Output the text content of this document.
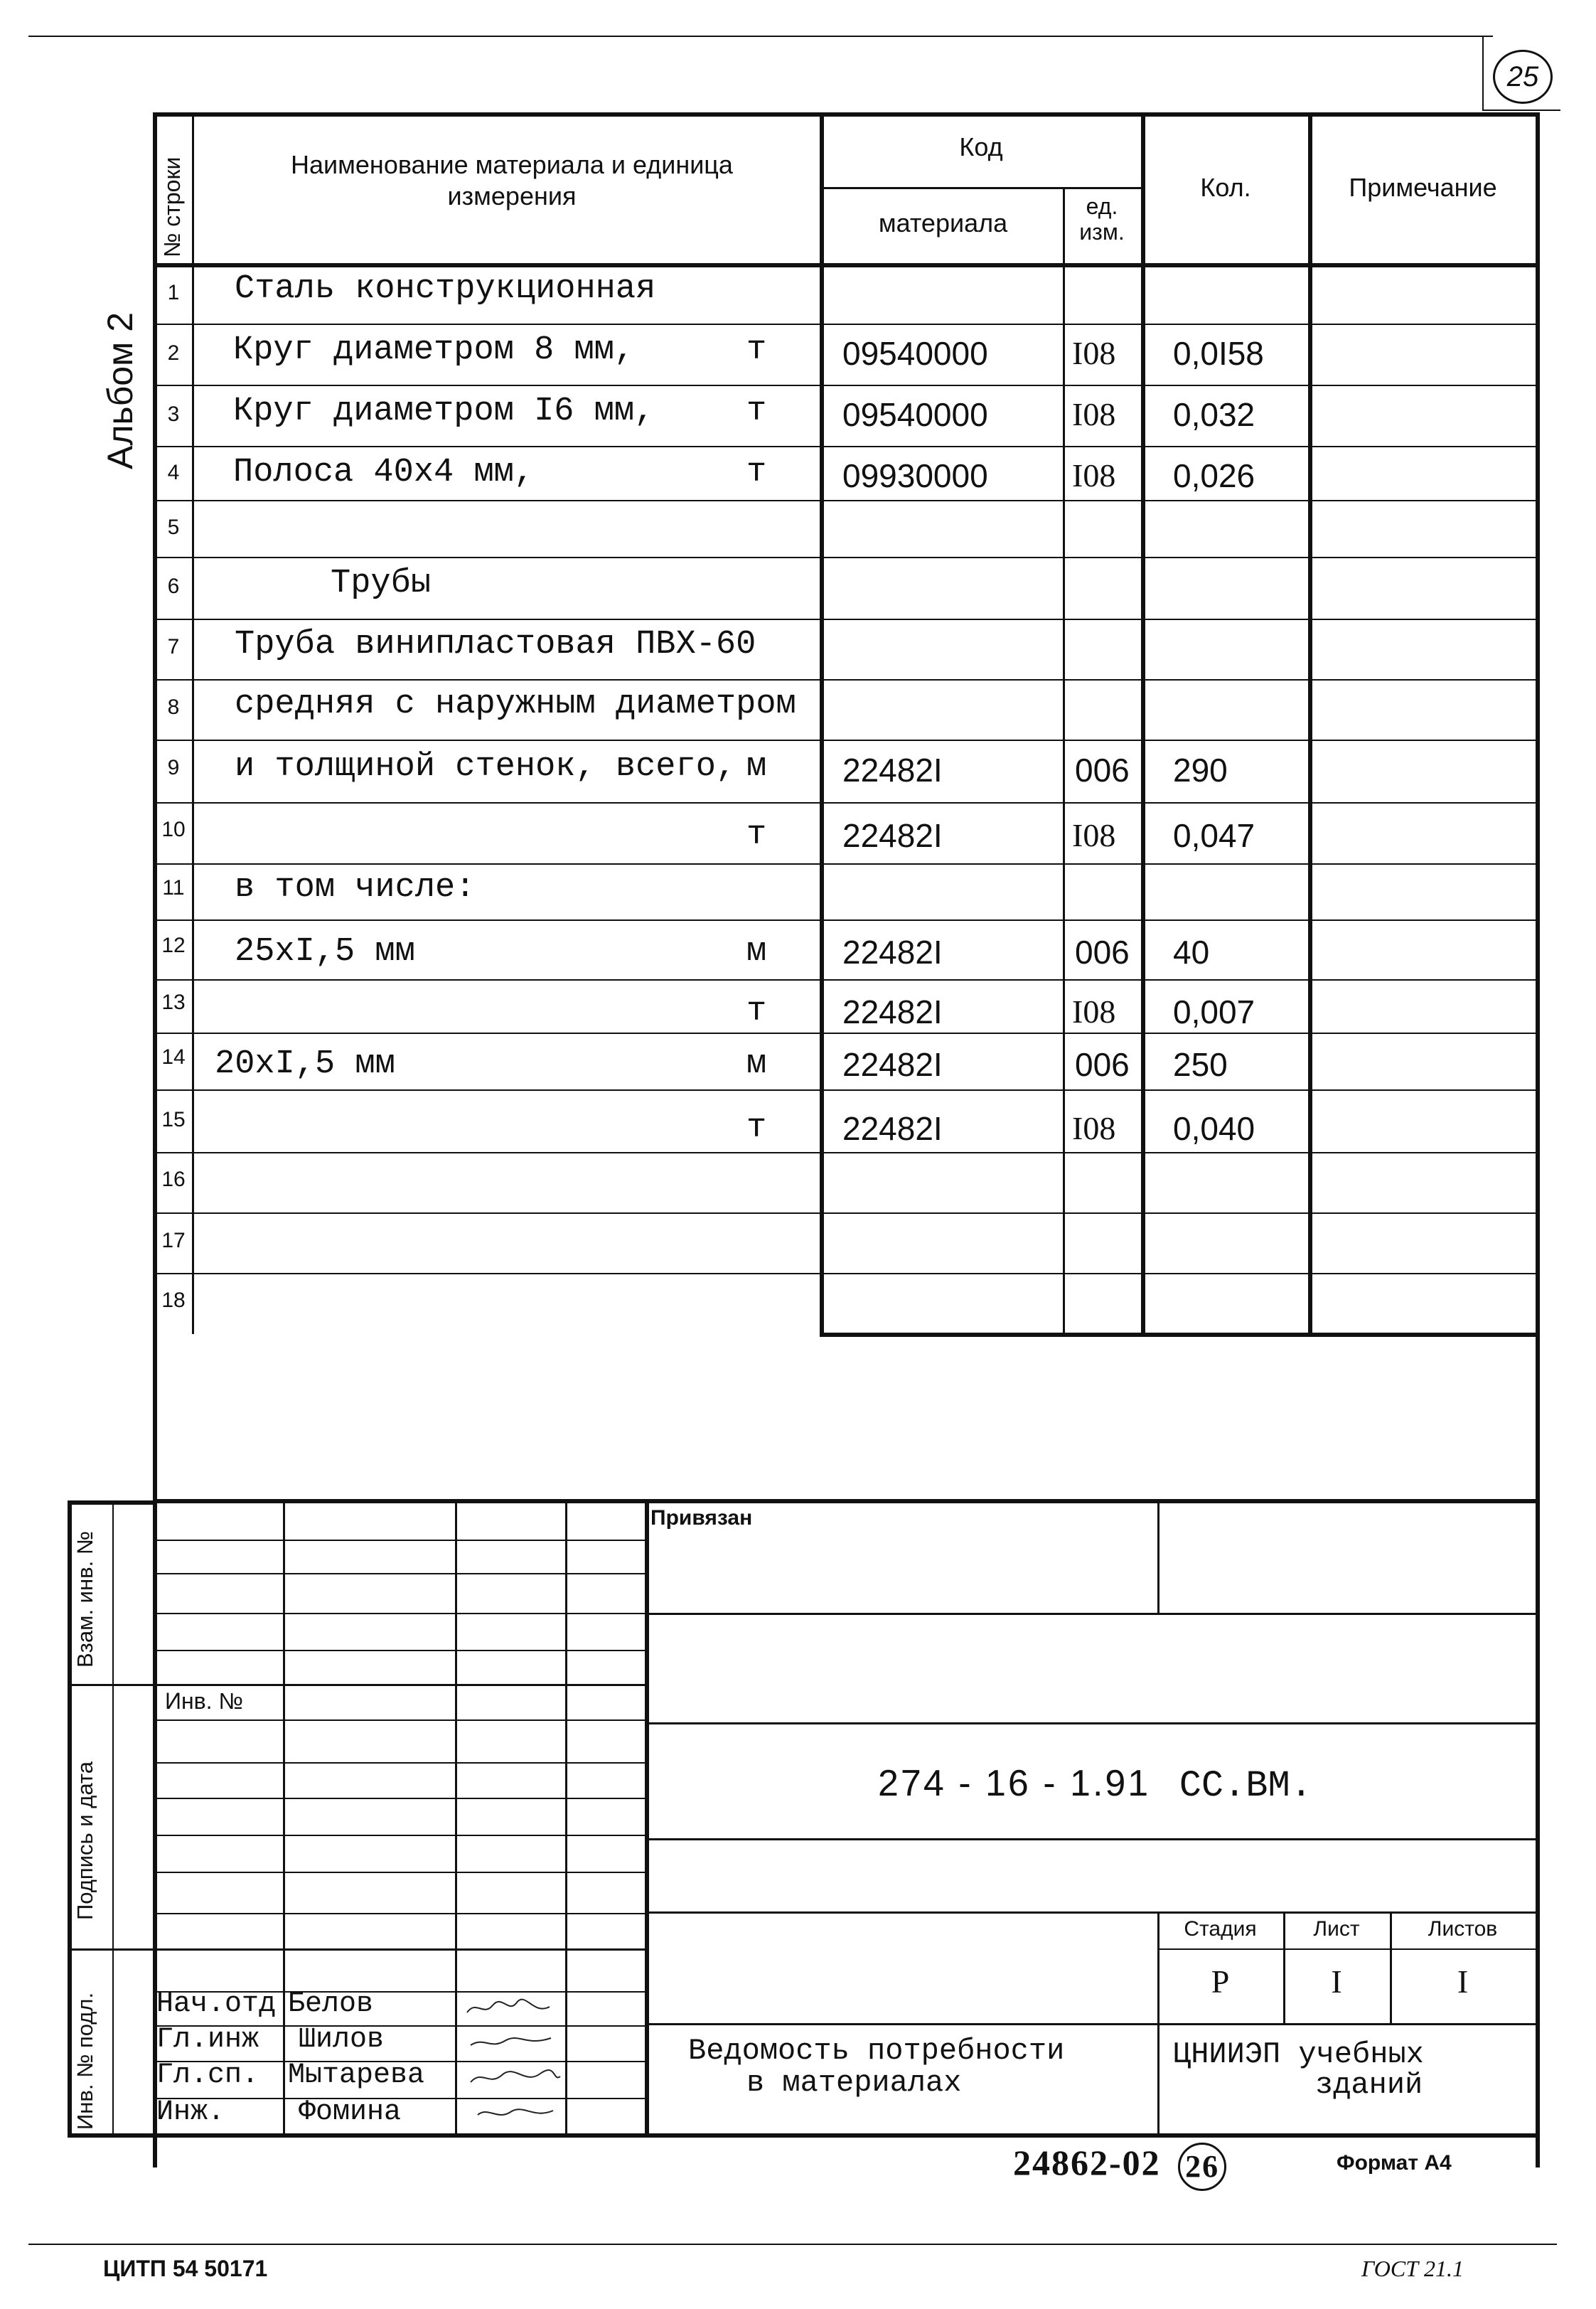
25
Альбом 2
№ строки	Наименование материала и единица измерения
Код
материала
ед. изм.
Кол.	Примечание
1	Сталь конструкционная
2	Круг диаметром 8 мм,	т 09540000	I08 0,0I58
3	Круг диаметром I6 мм,	т 09540000	I08 0,032
4	Полоса 40х4 мм,	т 09930000	I08 0,026
5
6	Трубы
7	Труба винипластовая ПВХ-60
8	средняя с наружным диаметром
9	и толщиной стенок, всего, м 22482I	006 290
10	т 22482I	I08 0,047
11 в том числе:
12 25xI,5 мм	м 22482I	006 40
13	т 22482I	I08 0,007
14 20xI,5 мм	м 22482I	006 250
15	т 22482I	I08 0,040
16
17
18
Взам. инв. №
Подпись и дата
Инв. № подл.
Привязан
Инв. №
274 - 16 - 1.91 СС.ВМ.
Стадия	Лист	Листов
Р	I	I
Ведомость потребности
в материалах
ЦНИИЭП учебных
зданий
Нач.отд Белов
Гл.инж Шилов
Гл.сп. Мытарева
Инж.	Фомина
24862-02 26	Формат А4
ЦИТП 54 50171	ГОСТ 21.1
